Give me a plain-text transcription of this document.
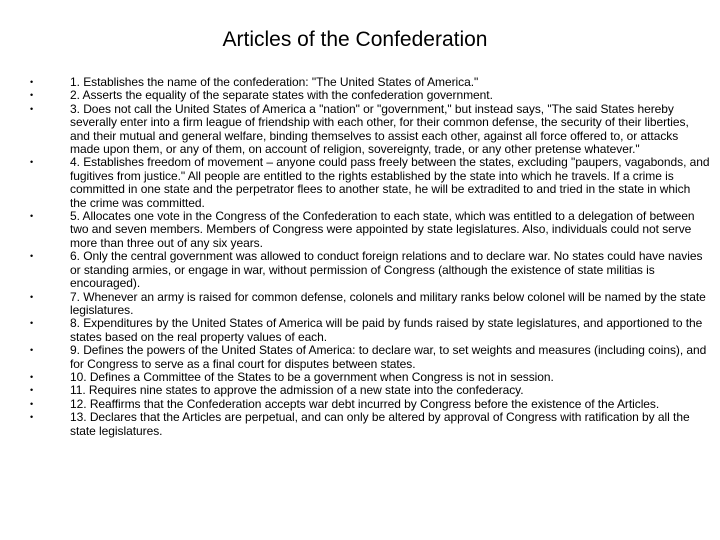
Articles of the Confederation
•	1. Establishes the name of the confederation: "The United States of America."
•	2. Asserts the equality of the separate states with the confederation government.
•	3. Does not call the United States of America a "nation" or "government," but instead says, "The said States hereby severally enter into a firm league of friendship with each other, for their common defense, the security of their liberties, and their mutual and general welfare, binding themselves to assist each other, against all force offered to, or attacks made upon them, or any of them, on account of religion, sovereignty, trade, or any other pretense whatever."
•	4. Establishes freedom of movement – anyone could pass freely between the states, excluding "paupers, vagabonds, and fugitives from justice." All people are entitled to the rights established by the state into which he travels. If a crime is committed in one state and the perpetrator flees to another state, he will be extradited to and tried in the state in which the crime was committed.
•	5. Allocates one vote in the Congress of the Confederation to each state, which was entitled to a delegation of between two and seven members. Members of Congress were appointed by state legislatures. Also, individuals could not serve more than three out of any six years.
•	6. Only the central government was allowed to conduct foreign relations and to declare war. No states could have navies or standing armies, or engage in war, without permission of Congress (although the existence of state militias is encouraged).
•	7. Whenever an army is raised for common defense, colonels and military ranks below colonel will be named by the state legislatures.
•	8. Expenditures by the United States of America will be paid by funds raised by state legislatures, and apportioned to the states based on the real property values of each.
•	9. Defines the powers of the United States of America: to declare war, to set weights and measures (including coins), and for Congress to serve as a final court for disputes between states.
•	10. Defines a Committee of the States to be a government when Congress is not in session.
•	11. Requires nine states to approve the admission of a new state into the confederacy.
•	12. Reaffirms that the Confederation accepts war debt incurred by Congress before the existence of the Articles.
•	13. Declares that the Articles are perpetual, and can only be altered by approval of Congress with ratification by all the state legislatures.
